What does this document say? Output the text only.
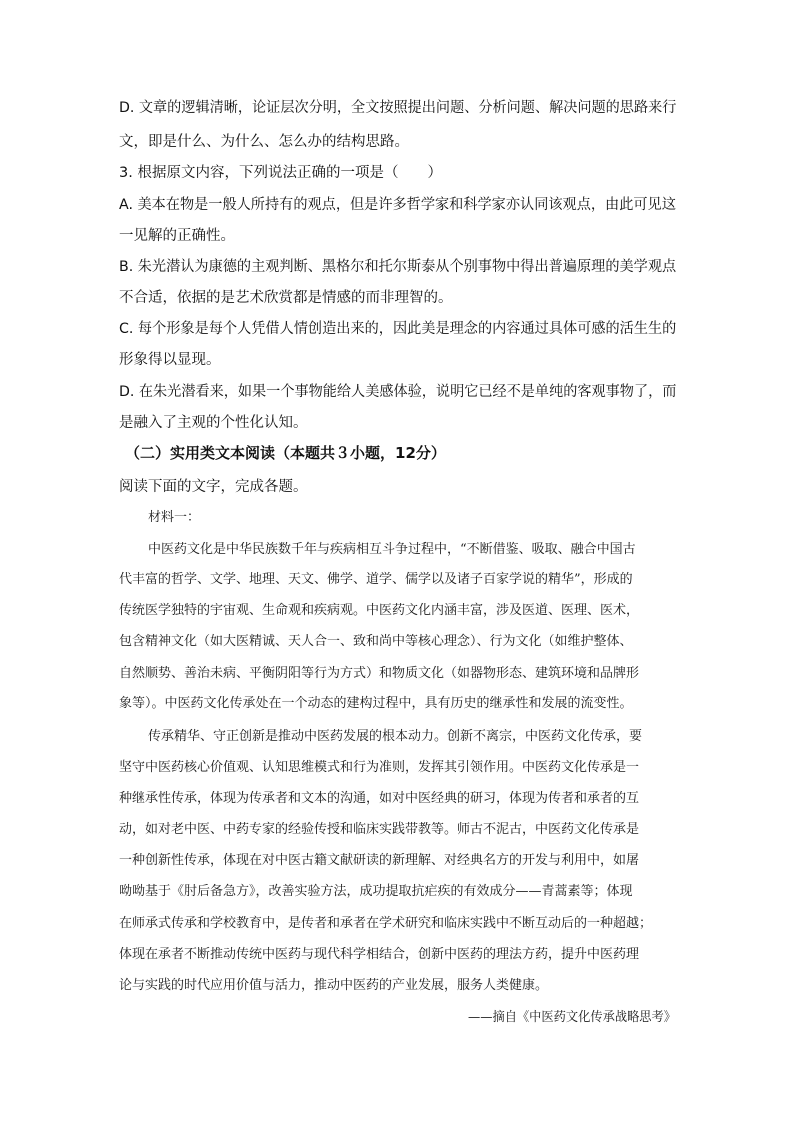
D. 文章的逻辑清晰，论证层次分明，全文按照提出问题、分析问题、解决问题的思路来行
文，即是什么、为什么、怎么办的结构思路。
3. 根据原文内容，下列说法正确的一项是（　　）
A. 美本在物是一般人所持有的观点，但是许多哲学家和科学家亦认同该观点，由此可见这
一见解的正确性。
B. 朱光潜认为康德的主观判断、黑格尔和托尔斯泰从个别事物中得出普遍原理的美学观点
不合适，依据的是艺术欣赏都是情感的而非理智的。
C. 每个形象是每个人凭借人情创造出来的，因此美是理念的内容通过具体可感的活生生的
形象得以显现。
D. 在朱光潜看来，如果一个事物能给人美感体验，说明它已经不是单纯的客观事物了，而
是融入了主观的个性化认知。
（二）实用类文本阅读（本题共３小题，12分）
阅读下面的文字，完成各题。
材料一：
中医药文化是中华民族数千年与疾病相互斗争过程中，“不断借鉴、吸取、融合中国古
代丰富的哲学、文学、地理、天文、佛学、道学、儒学以及诸子百家学说的精华”，形成的
传统医学独特的宇宙观、生命观和疾病观。中医药文化内涵丰富，涉及医道、医理、医术，
包含精神文化（如大医精诚、天人合一、致和尚中等核心理念）、行为文化（如维护整体、
自然顺势、善治未病、平衡阴阳等行为方式）和物质文化（如器物形态、建筑环境和品牌形
象等）。中医药文化传承处在一个动态的建构过程中，具有历史的继承性和发展的流变性。
传承精华、守正创新是推动中医药发展的根本动力。创新不离宗，中医药文化传承，要
坚守中医药核心价值观、认知思维模式和行为准则，发挥其引领作用。中医药文化传承是一
种继承性传承，体现为传承者和文本的沟通，如对中医经典的研习，体现为传者和承者的互
动，如对老中医、中药专家的经验传授和临床实践带教等。师古不泥古，中医药文化传承是
一种创新性传承，体现在对中医古籍文献研读的新理解、对经典名方的开发与利用中，如屠
呦呦基于《肘后备急方》，改善实验方法，成功提取抗疟疾的有效成分——青蒿素等；体现
在师承式传承和学校教育中，是传者和承者在学术研究和临床实践中不断互动后的一种超越；
体现在承者不断推动传统中医药与现代科学相结合，创新中医药的理法方药，提升中医药理
论与实践的时代应用价值与活力，推动中医药的产业发展，服务人类健康。
——摘自《中医药文化传承战略思考》
